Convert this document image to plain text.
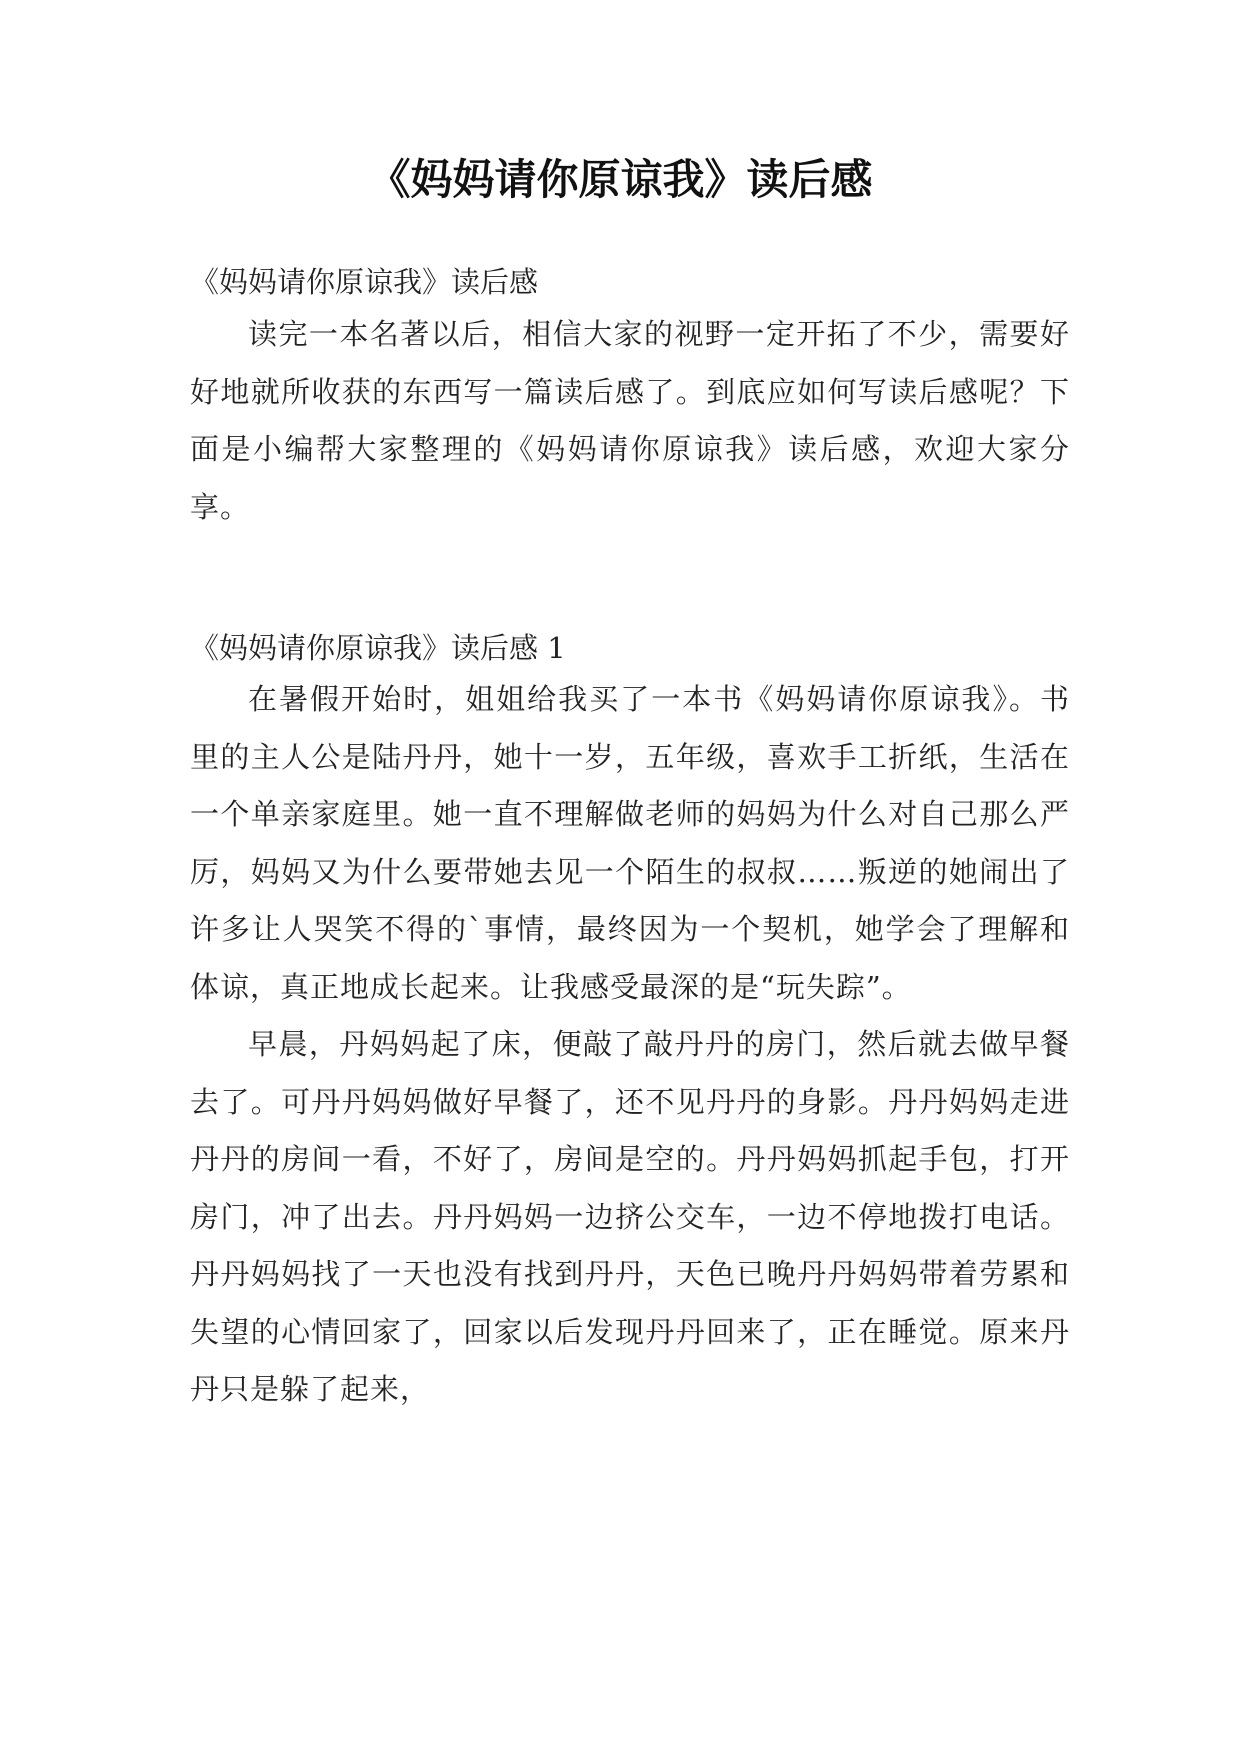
《妈妈请你原谅我》读后感
《妈妈请你原谅我》读后感

读完一本名著以后，相信大家的视野一定开拓了不少，需要好好地就所收获的东西写一篇读后感了。到底应如何写读后感呢？下面是小编帮大家整理的《妈妈请你原谅我》读后感，欢迎大家分享。

《妈妈请你原谅我》读后感 1

在暑假开始时，姐姐给我买了一本书《妈妈请你原谅我》。书里的主人公是陆丹丹，她十一岁，五年级，喜欢手工折纸，生活在一个单亲家庭里。她一直不理解做老师的妈妈为什么对自己那么严厉，妈妈又为什么要带她去见一个陌生的叔叔……叛逆的她闹出了许多让人哭笑不得的`事情，最终因为一个契机，她学会了理解和体谅，真正地成长起来。让我感受最深的是“玩失踪”。

早晨，丹妈妈起了床，便敲了敲丹丹的房门，然后就去做早餐去了。可丹丹妈妈做好早餐了，还不见丹丹的身影。丹丹妈妈走进丹丹的房间一看，不好了，房间是空的。丹丹妈妈抓起手包，打开房门，冲了出去。丹丹妈妈一边挤公交车，一边不停地拨打电话。丹丹妈妈找了一天也没有找到丹丹，天色已晚丹丹妈妈带着劳累和失望的心情回家了，回家以后发现丹丹回来了，正在睡觉。原来丹丹只是躲了起来，
